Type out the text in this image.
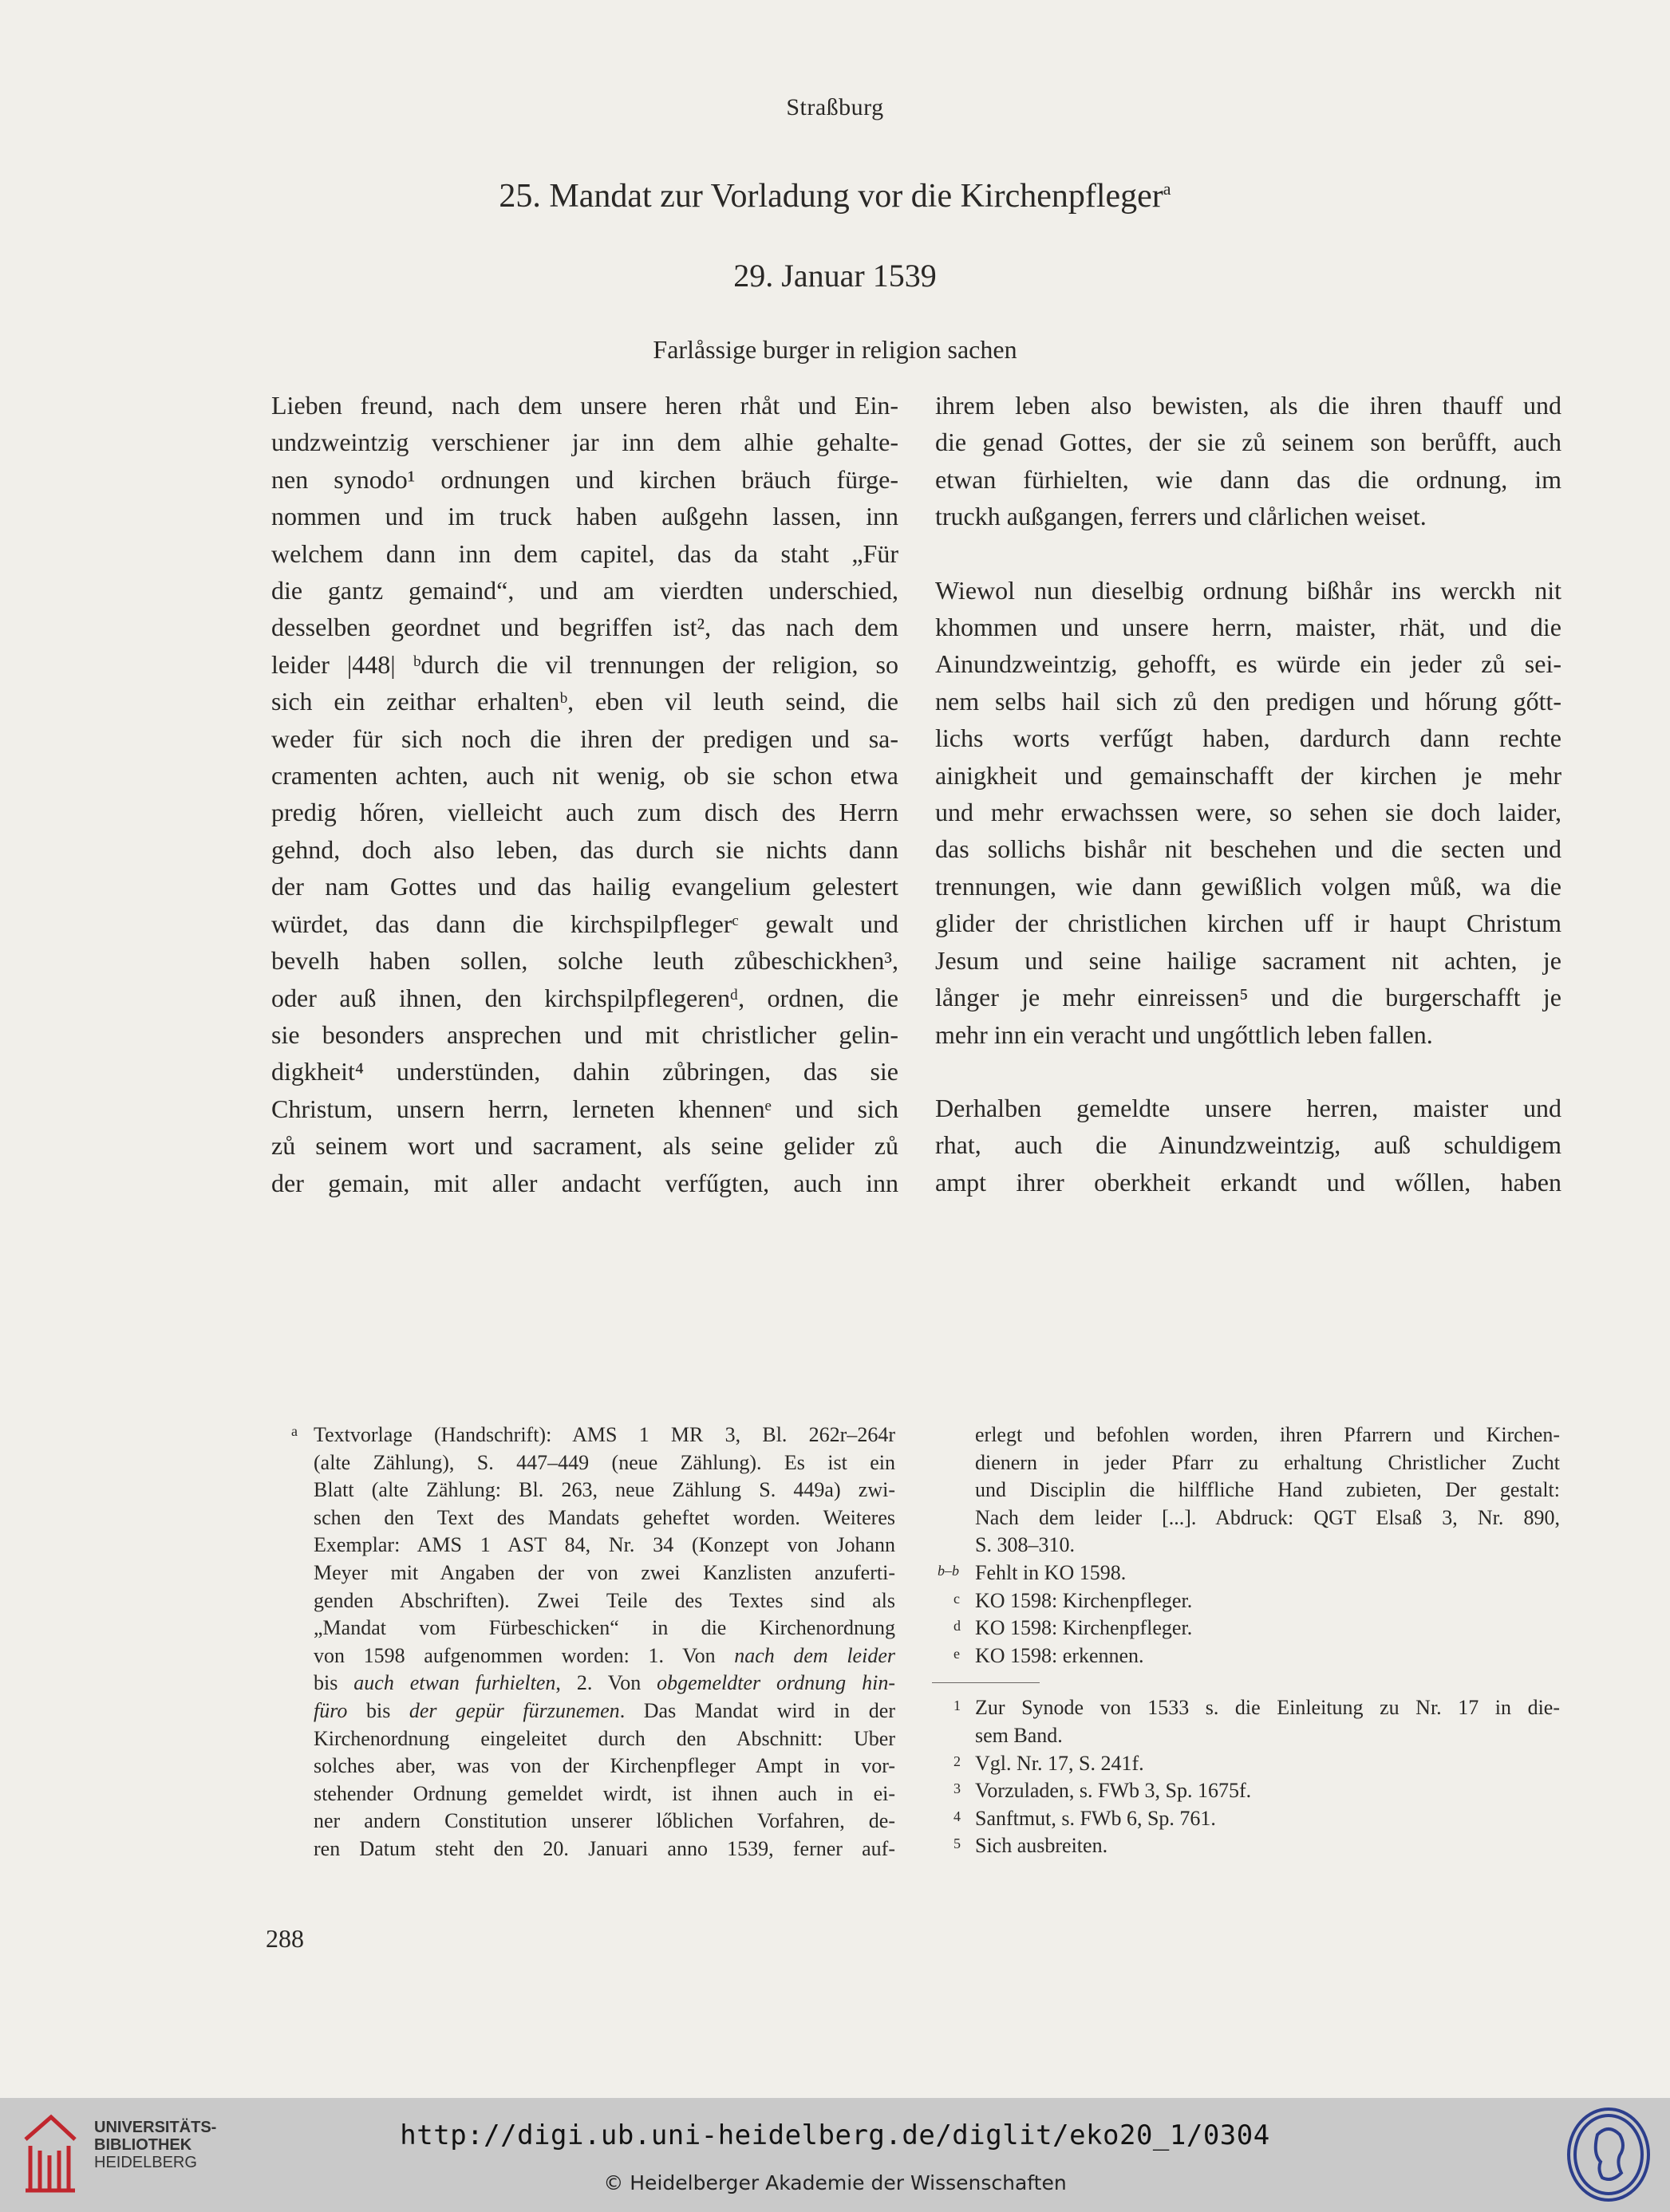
Straßburg
25. Mandat zur Vorladung vor die Kirchenpfleger$^a$
29. Januar 1539
Farlåssige burger in religion sachen

Lieben freund, nach dem unsere heren rhåt und Ein-
undzweintzig verschiener jar inn dem alhie gehalte-
nen synodo¹ ordnungen und kirchen bräuch fürge-
nommen und im truck haben außgehn lassen, inn
welchem dann inn dem capitel, das da staht „Für
die gantz gemaind“, und am vierdten underschied,
desselben geordnet und begriffen ist², das nach dem
leider |448| ᵇdurch die vil trennungen der religion, so
sich ein zeithar erhaltenᵇ, eben vil leuth seind, die
weder für sich noch die ihren der predigen und sa-
cramenten achten, auch nit wenig, ob sie schon etwa
predig hőren, vielleicht auch zum disch des Herrn
gehnd, doch also leben, das durch sie nichts dann
der nam Gottes und das hailig evangelium gelestert
würdet, das dann die kirchspilpflegerᶜ gewalt und
bevelh haben sollen, solche leuth zůbeschickhen³,
oder auß ihnen, den kirchspilpflegerenᵈ, ordnen, die
sie besonders ansprechen und mit christlicher gelin-
digkheit⁴ understünden, dahin zůbringen, das sie
Christum, unsern herrn, lerneten khennenᵉ und sich
zů seinem wort und sacrament, als seine gelider zů
der gemain, mit aller andacht verfűgten, auch inn

ihrem leben also bewisten, als die ihren thauff und
die genad Gottes, der sie zů seinem son berůfft, auch
etwan fürhielten, wie dann das die ordnung, im
truckh außgangen, ferrers und clårlichen weiset.

Wiewol nun dieselbig ordnung bißhår ins werckh nit
khommen und unsere herrn, maister, rhät, und die
Ainundzweintzig, gehofft, es würde ein jeder zů sei-
nem selbs hail sich zů den predigen und hőrung gőtt-
lichs worts verfűgt haben, dardurch dann rechte
ainigkheit und gemainschafft der kirchen je mehr
und mehr erwachssen were, so sehen sie doch laider,
das sollichs bishår nit beschehen und die secten und
trennungen, wie dann gewißlich volgen můß, wa die
glider der christlichen kirchen uff ir haupt Christum
Jesum und seine hailige sacrament nit achten, je
långer je mehr einreissen⁵ und die burgerschafft je
mehr inn ein veracht und ungőttlich leben fallen.

Derhalben gemeldte unsere herren, maister und
rhat, auch die Ainundzweintzig, auß schuldigem
ampt ihrer oberkheit erkandt und wőllen, haben

a Textvorlage (Handschrift): AMS 1 MR 3, Bl. 262r–264r
(alte Zählung), S. 447–449 (neue Zählung). Es ist ein
Blatt (alte Zählung: Bl. 263, neue Zählung S. 449a) zwi-
schen den Text des Mandats geheftet worden. Weiteres
Exemplar: AMS 1 AST 84, Nr. 34 (Konzept von Johann
Meyer mit Angaben der von zwei Kanzlisten anzuferti-
genden Abschriften). Zwei Teile des Textes sind als
„Mandat vom Fürbeschicken“ in die Kirchenordnung
von 1598 aufgenommen worden: 1. Von nach dem leider
bis auch etwan furhielten, 2. Von obgemeldter ordnung hin-
füro bis der gepür fürzunemen. Das Mandat wird in der
Kirchenordnung eingeleitet durch den Abschnitt: Uber
solches aber, was von der Kirchenpfleger Ampt in vor-
stehender Ordnung gemeldet wirdt, ist ihnen auch in ei-
ner andern Constitution unserer lőblichen Vorfahren, de-
ren Datum steht den 20. Januari anno 1539, ferner auf-
erlegt und befohlen worden, ihren Pfarrern und Kirchen-
dienern in jeder Pfarr zu erhaltung Christlicher Zucht
und Disciplin die hilffliche Hand zubieten, Der gestalt:
Nach dem leider [...]. Abdruck: QGT Elsaß 3, Nr. 890,
S. 308–310.
b–b Fehlt in KO 1598.
c KO 1598: Kirchenpfleger.
d KO 1598: Kirchenpfleger.
e KO 1598: erkennen.
1 Zur Synode von 1533 s. die Einleitung zu Nr. 17 in die-
sem Band.
2 Vgl. Nr. 17, S. 241f.
3 Vorzuladen, s. FWb 3, Sp. 1675f.
4 Sanftmut, s. FWb 6, Sp. 761.
5 Sich ausbreiten.
288
UNIVERSITÄTS-
BIBLIOTHEK
HEIDELBERG
http://digi.ub.uni-heidelberg.de/diglit/eko20_1/0304
© Heidelberger Akademie der Wissenschaften
